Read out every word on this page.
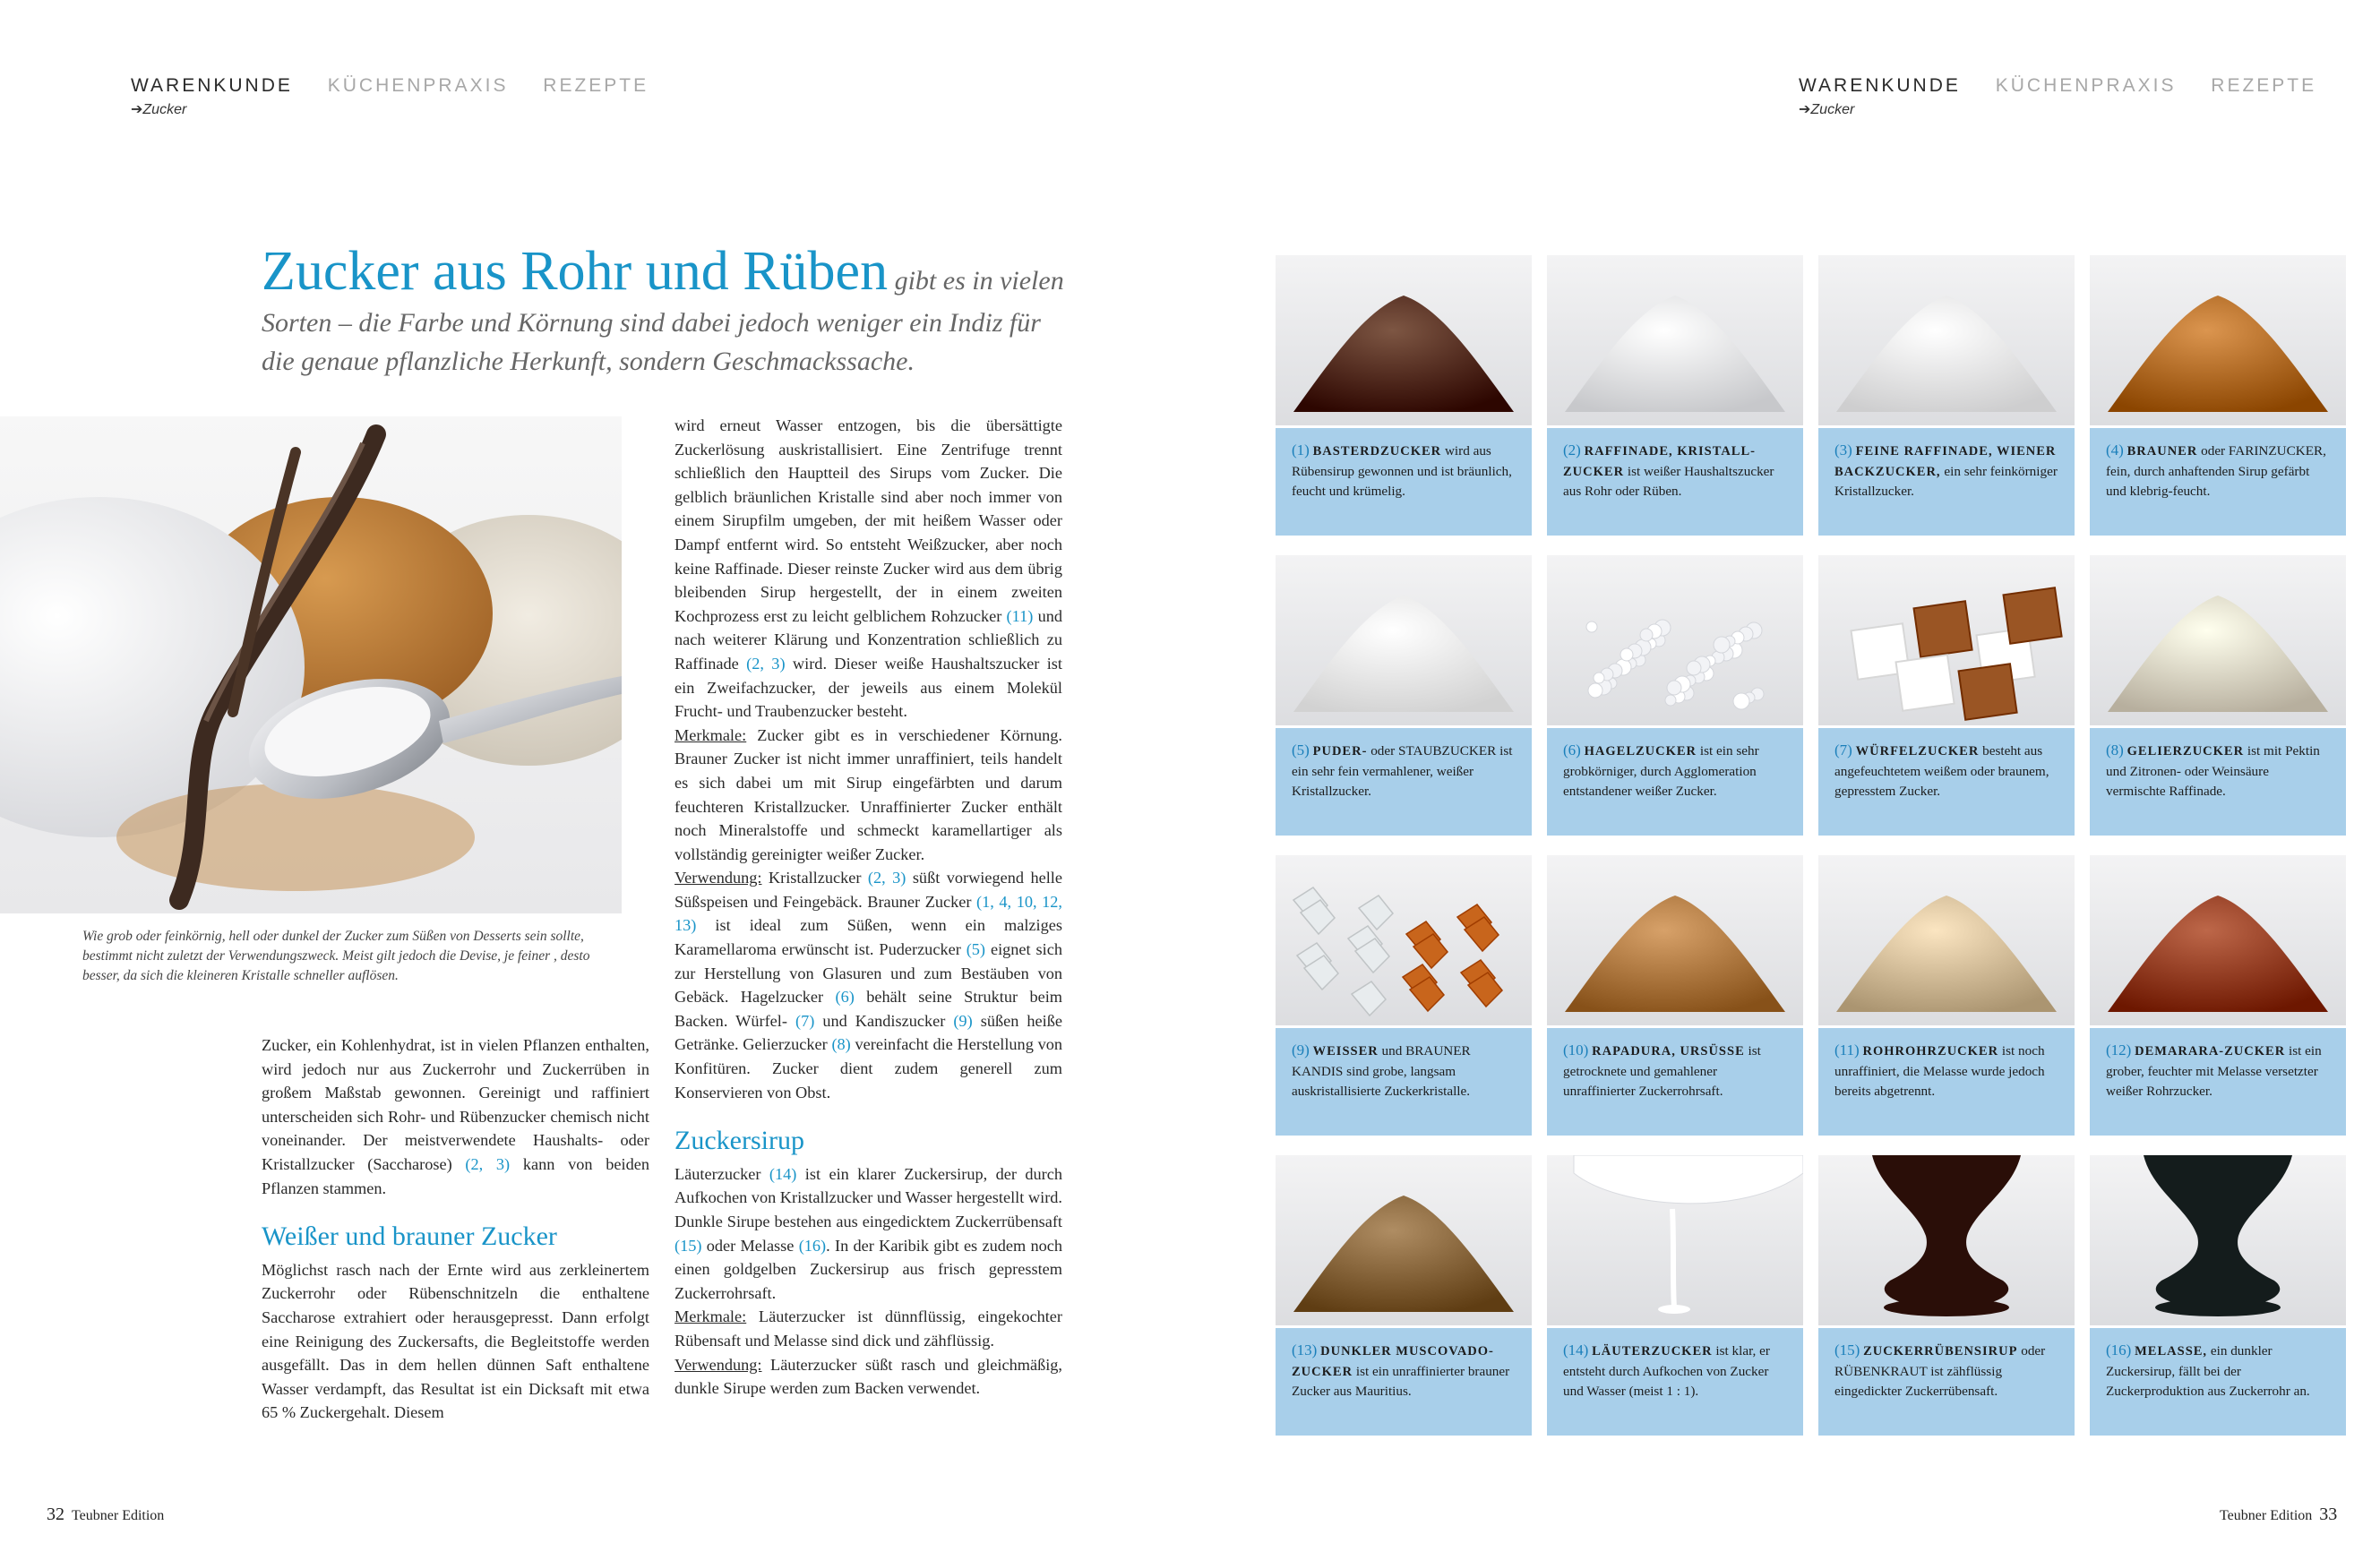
WARENKUNDE KÜCHENPRAXIS REZEPTE
➔Zucker
WARENKUNDE KÜCHENPRAXIS REZEPTE
➔Zucker
Zucker aus Rohr und Rüben gibt es in vielen Sorten – die Farbe und Körnung sind dabei jedoch weniger ein Indiz für die genaue pflanzliche Herkunft, sondern Geschmackssache.
Wie grob oder feinkörnig, hell oder dunkel der Zucker zum Süßen von Desserts sein sollte, bestimmt nicht zuletzt der Verwendungszweck. Meist gilt jedoch die Devise, je feiner , desto besser, da sich die kleineren Kristalle schneller auflösen.

Zucker, ein Kohlenhydrat, ist in vielen Pflanzen enthalten, wird jedoch nur aus Zuckerrohr und Zuckerrüben in großem Maßstab gewonnen. Gereinigt und raffiniert unterscheiden sich Rohr- und Rübenzucker chemisch nicht voneinander. Der meistverwendete Haushalts- oder Kristallzucker (Saccharose) (2, 3) kann von beiden Pflanzen stammen.

Weißer und brauner Zucker

Möglichst rasch nach der Ernte wird aus zerkleinertem Zuckerrohr oder Rübenschnitzeln die enthaltene Saccharose extrahiert oder herausgepresst. Dann erfolgt eine Reinigung des Zuckersafts, die Begleitstoffe werden ausgefällt. Das in dem hellen dünnen Saft enthaltene Wasser verdampft, das Resultat ist ein Dicksaft mit etwa 65 % Zuckergehalt. Diesem

wird erneut Wasser entzogen, bis die übersättigte Zuckerlösung auskristallisiert. Eine Zentrifuge trennt schließlich den Hauptteil des Sirups vom Zucker. Die gelblich bräunlichen Kristalle sind aber noch immer von einem Sirupfilm umgeben, der mit heißem Wasser oder Dampf entfernt wird. So entsteht Weißzucker, aber noch keine Raffinade. Dieser reinste Zucker wird aus dem übrig bleibenden Sirup hergestellt, der in einem zweiten Kochprozess erst zu leicht gelblichem Rohzucker (11) und nach weiterer Klärung und Konzentration schließlich zu Raffinade (2, 3) wird. Dieser weiße Haushaltszucker ist ein Zweifachzucker, der jeweils aus einem Molekül Frucht- und Traubenzucker besteht.

Merkmale: Zucker gibt es in verschiedener Körnung. Brauner Zucker ist nicht immer unraffiniert, teils handelt es sich dabei um mit Sirup eingefärbten und darum feuchteren Kristallzucker. Unraffinierter Zucker enthält noch Mineralstoffe und schmeckt karamellartiger als vollständig gereinigter weißer Zucker.

Verwendung: Kristallzucker (2, 3) süßt vorwiegend helle Süßspeisen und Feingebäck. Brauner Zucker (1, 4, 10, 12, 13) ist ideal zum Süßen, wenn ein malziges Karamellaroma erwünscht ist. Puderzucker (5) eignet sich zur Herstellung von Glasuren und zum Bestäuben von Gebäck. Hagelzucker (6) behält seine Struktur beim Backen. Würfel- (7) und Kandiszucker (9) süßen heiße Getränke. Gelierzucker (8) vereinfacht die Herstellung von Konfitüren. Zucker dient zudem generell zum Konservieren von Obst.

Zuckersirup

Läuterzucker (14) ist ein klarer Zuckersirup, der durch Aufkochen von Kristallzucker und Wasser hergestellt wird. Dunkle Sirupe bestehen aus eingedicktem Zuckerrübensaft (15) oder Melasse (16). In der Karibik gibt es zudem noch einen goldgelben Zuckersirup aus frisch gepresstem Zuckerrohrsaft.

Merkmale: Läuterzucker ist dünnflüssig, eingekochter Rübensaft und Melasse sind dick und zähflüssig.

Verwendung: Läuterzucker süßt rasch und gleichmäßig, dunkle Sirupe werden zum Backen verwendet.

(1) BASTERDZUCKER wird aus Rübensirup gewonnen und ist bräunlich, feucht und krümelig.
(2) RAFFINADE, KRISTALL-ZUCKER ist weißer Haushaltszucker aus Rohr oder Rüben.
(3) FEINE RAFFINADE, WIENER BACKZUCKER, ein sehr feinkörniger Kristallzucker.
(4) BRAUNER oder FARINZUCKER, fein, durch anhaftenden Sirup gefärbt und klebrig-feucht.
(5) PUDER- oder STAUBZUCKER ist ein sehr fein vermahlener, weißer Kristallzucker.
(6) HAGELZUCKER ist ein sehr grobkörniger, durch Agglomeration entstandener weißer Zucker.
(7) WÜRFELZUCKER besteht aus angefeuchtetem weißem oder braunem, gepresstem Zucker.
(8) GELIERZUCKER ist mit Pektin und Zitronen- oder Weinsäure vermischte Raffinade.
(9) WEISSER und BRAUNER KANDIS sind grobe, langsam auskristallisierte Zuckerkristalle.
(10) RAPADURA, URSÜSSE ist getrocknete und gemahlener unraffinierter Zuckerrohrsaft.
(11) ROHROHRZUCKER ist noch unraffiniert, die Melasse wurde jedoch bereits abgetrennt.
(12) DEMARARA-ZUCKER ist ein grober, feuchter mit Melasse versetzter weißer Rohrzucker.
(13) DUNKLER MUSCOVADO-ZUCKER ist ein unraffinierter brauner Zucker aus Mauritius.
(14) LÄUTERZUCKER ist klar, er entsteht durch Aufkochen von Zucker und Wasser (meist 1 : 1).
(15) ZUCKERRÜBENSIRUP oder RÜBENKRAUT ist zähflüssig eingedickter Zuckerrübensaft.
(16) MELASSE, ein dunkler Zuckersirup, fällt bei der Zuckerproduktion aus Zuckerrohr an.
32 Teubner Edition	Teubner Edition 33
